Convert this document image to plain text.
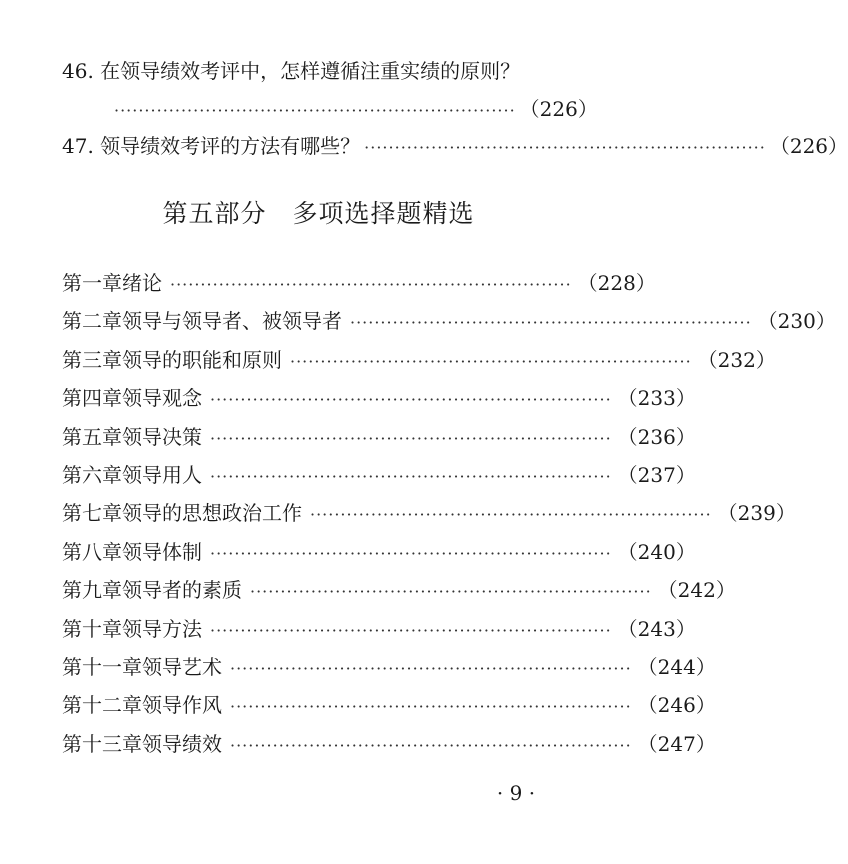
46. 在领导绩效考评中，怎样遵循注重实绩的原则？
·································································· （226）
47. 领导绩效考评的方法有哪些？ ·································································· （226）
第五部分　多项选择题精选
第一章 绪论 ·································································· （228）
第二章 领导与领导者、被领导者 ·································································· （230）
第三章 领导的职能和原则 ·································································· （232）
第四章 领导观念 ·································································· （233）
第五章 领导决策 ·································································· （236）
第六章 领导用人 ·································································· （237）
第七章 领导的思想政治工作 ·································································· （239）
第八章 领导体制 ·································································· （240）
第九章 领导者的素质 ·································································· （242）
第十章 领导方法 ·································································· （243）
第十一章 领导艺术 ·································································· （244）
第十二章 领导作风 ·································································· （246）
第十三章 领导绩效 ·································································· （247）
· 9 ·
